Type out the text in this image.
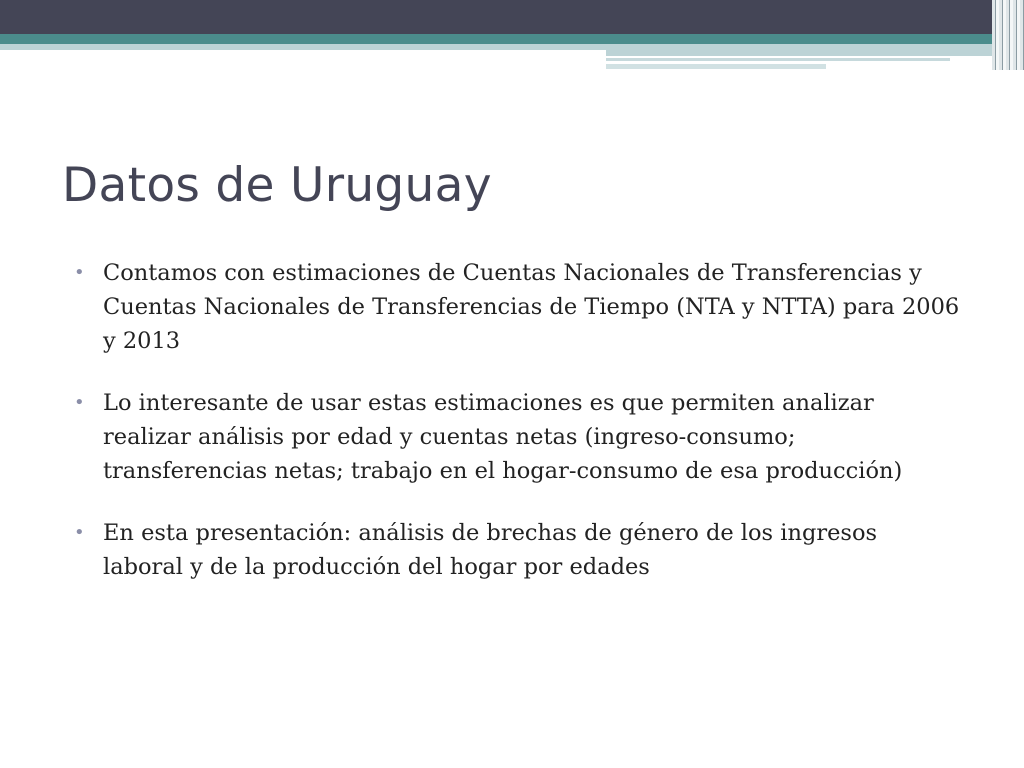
Datos de Uruguay
• Contamos con estimaciones de Cuentas Nacionales de Transferencias y Cuentas Nacionales de Transferencias de Tiempo (NTA y NTTA) para 2006 y 2013
• Lo interesante de usar estas estimaciones es que permiten analizar realizar análisis por edad y cuentas netas (ingreso-consumo; transferencias netas; trabajo en el hogar-consumo de esa producción)
• En esta presentación: análisis de brechas de género de los ingresos laboral y de la producción del hogar por edades
